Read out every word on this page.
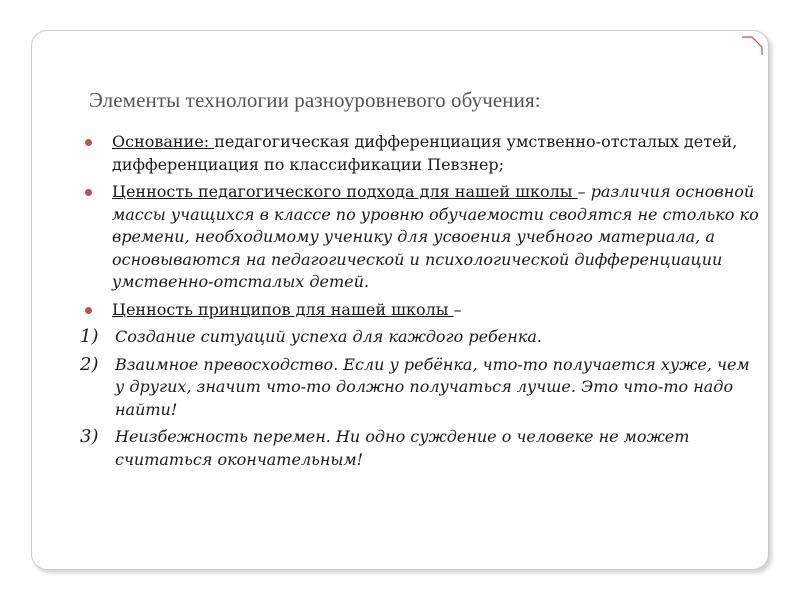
Элементы технологии разноуровневого обучения:
Основание: педагогическая дифференциация умственно-отсталых детей, дифференциация по классификации Певзнер;
Ценность педагогического подхода для нашей школы – различия основной массы учащихся в классе по уровню обучаемости сводятся не столько ко времени, необходимому ученику для усвоения учебного материала, а основываются на педагогической и психологической дифференциации умственно-отсталых детей.
Ценность принципов для нашей школы –
1) Создание ситуаций успеха для каждого ребенка.
2) Взаимное превосходство. Если у ребёнка, что-то получается хуже, чем у других, значит что-то должно получаться лучше. Это что-то надо найти!
3) Неизбежность перемен. Ни одно суждение о человеке не может считаться окончательным!
